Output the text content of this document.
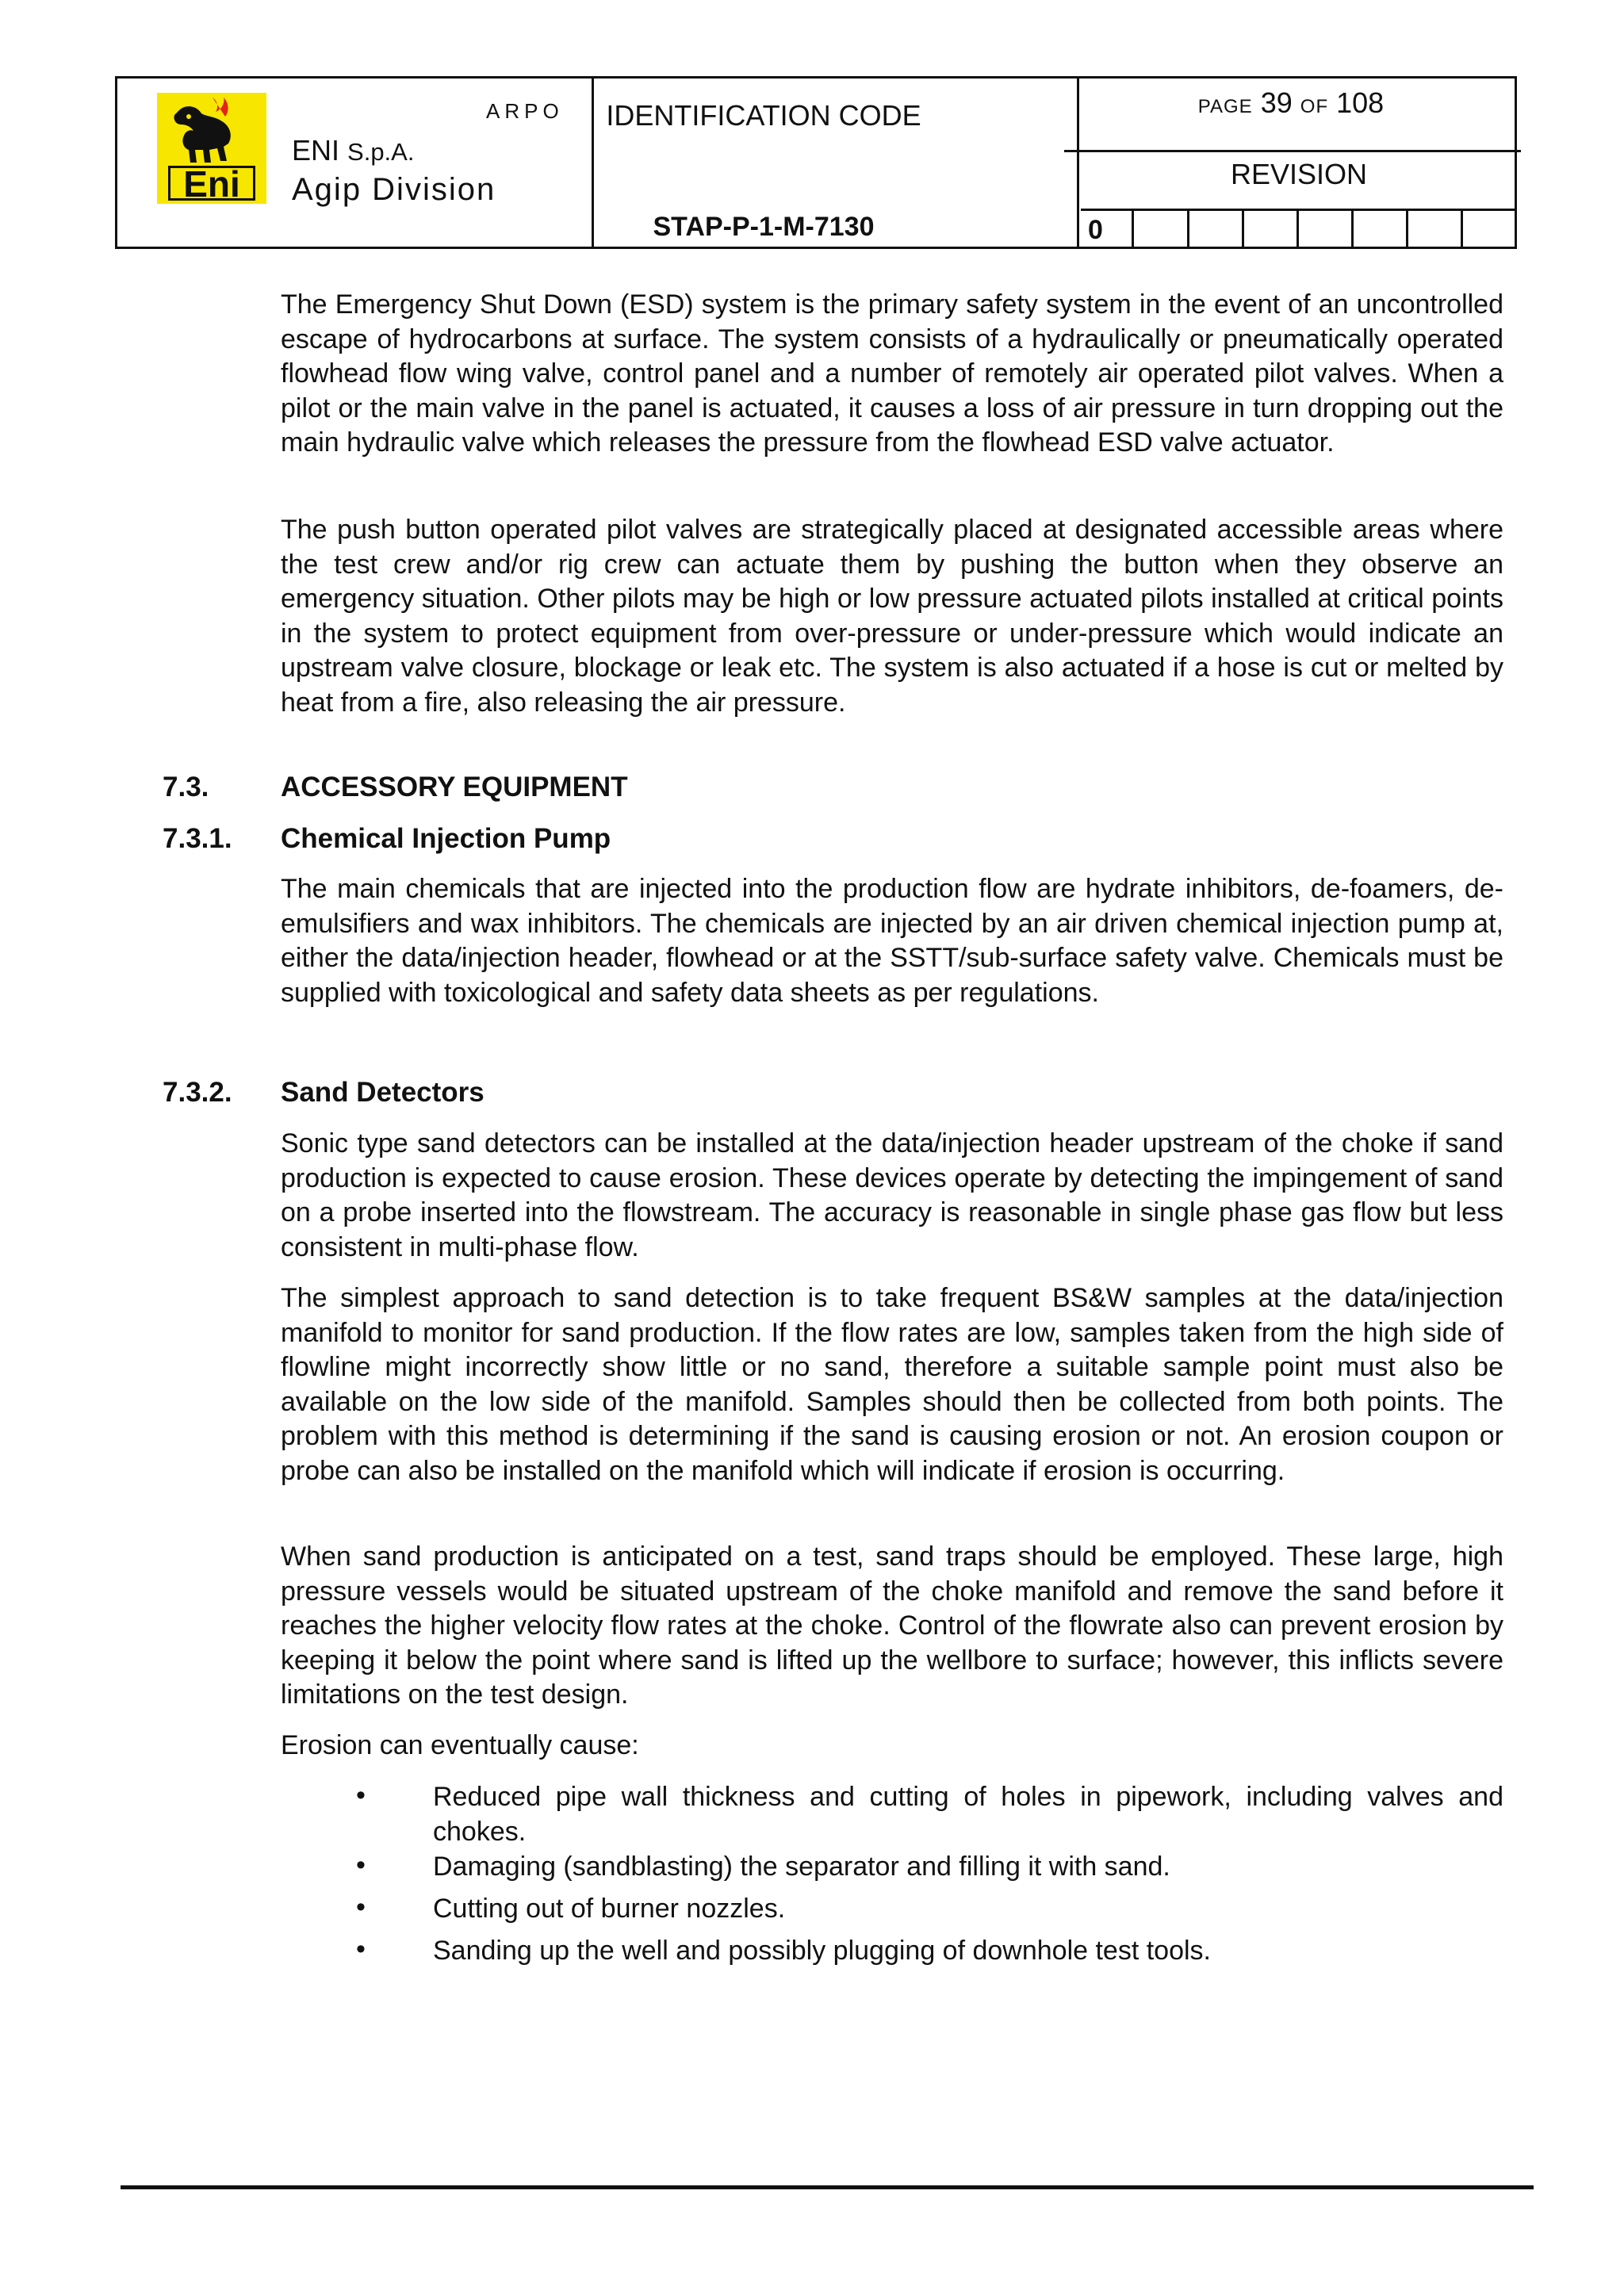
Eni
ARPO
ENI S.p.A.
Agip Division
IDENTIFICATION CODE
STAP-P-1-M-7130
PAGE 39 OF 108
REVISION
0

The Emergency Shut Down (ESD) system is the primary safety system in the event of an uncontrolled escape of hydrocarbons at surface. The system consists of a hydraulically or pneumatically operated flowhead flow wing valve, control panel and a number of remotely air operated pilot valves. When a pilot or the main valve in the panel is actuated, it causes a loss of air pressure in turn dropping out the main hydraulic valve which releases the pressure from the flowhead ESD valve actuator.

The push button operated pilot valves are strategically placed at designated accessible areas where the test crew and/or rig crew can actuate them by pushing the button when they observe an emergency situation. Other pilots may be high or low pressure actuated pilots installed at critical points in the system to protect equipment from over-pressure or under-pressure which would indicate an upstream valve closure, blockage or leak etc. The system is also actuated if a hose is cut or melted by heat from a fire, also releasing the air pressure.

7.3.	ACCESSORY EQUIPMENT
7.3.1. Chemical Injection Pump

The main chemicals that are injected into the production flow are hydrate inhibitors, de-foamers, de-emulsifiers and wax inhibitors. The chemicals are injected by an air driven chemical injection pump at, either the data/injection header, flowhead or at the SSTT/sub-surface safety valve. Chemicals must be supplied with toxicological and safety data sheets as per regulations.

7.3.2. Sand Detectors

Sonic type sand detectors can be installed at the data/injection header upstream of the choke if sand production is expected to cause erosion. These devices operate by detecting the impingement of sand on a probe inserted into the flowstream. The accuracy is reasonable in single phase gas flow but less consistent in multi-phase flow.

The simplest approach to sand detection is to take frequent BS&W samples at the data/injection manifold to monitor for sand production. If the flow rates are low, samples taken from the high side of flowline might incorrectly show little or no sand, therefore a suitable sample point must also be available on the low side of the manifold. Samples should then be collected from both points. The problem with this method is determining if the sand is causing erosion or not. An erosion coupon or probe can also be installed on the manifold which will indicate if erosion is occurring.

When sand production is anticipated on a test, sand traps should be employed. These large, high pressure vessels would be situated upstream of the choke manifold and remove the sand before it reaches the higher velocity flow rates at the choke. Control of the flowrate also can prevent erosion by keeping it below the point where sand is lifted up the wellbore to surface; however, this inflicts severe limitations on the test design.

Erosion can eventually cause:

•	Reduced pipe wall thickness and cutting of holes in pipework, including valves and chokes.

•	Damaging (sandblasting) the separator and filling it with sand.

•	Cutting out of burner nozzles.

•	Sanding up the well and possibly plugging of downhole test tools.
